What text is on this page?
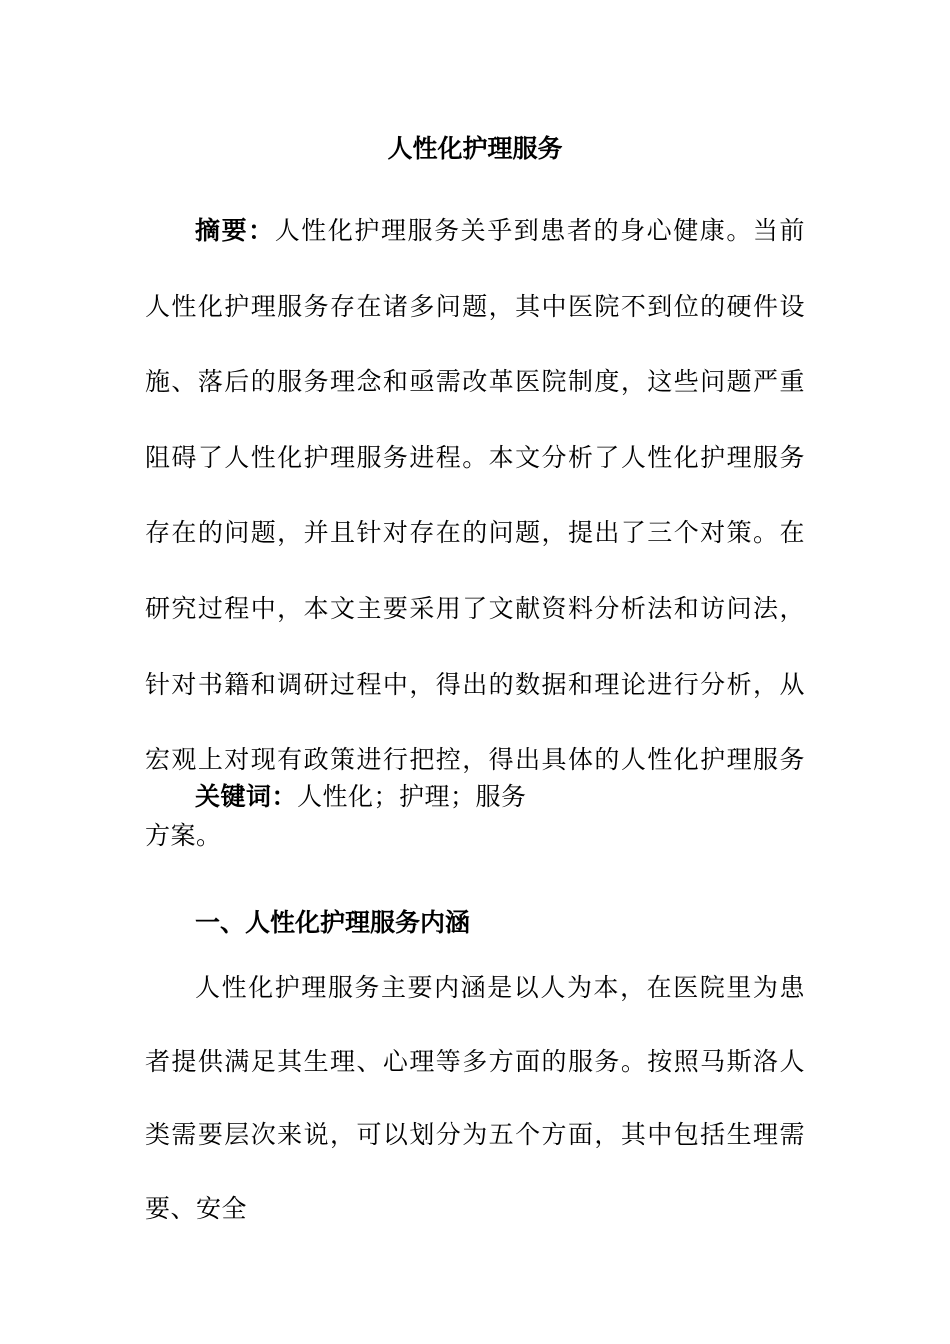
人性化护理服务

摘要：人性化护理服务关乎到患者的身心健康。当前人性化护理服务存在诸多问题，其中医院不到位的硬件设施、落后的服务理念和亟需改革医院制度，这些问题严重阻碍了人性化护理服务进程。本文分析了人性化护理服务存在的问题，并且针对存在的问题，提出了三个对策。在研究过程中，本文主要采用了文献资料分析法和访问法，针对书籍和调研过程中，得出的数据和理论进行分析，从宏观上对现有政策进行把控，得出具体的人性化护理服务方案。

关键词：人性化；护理；服务
一、人性化护理服务内涵

人性化护理服务主要内涵是以人为本，在医院里为患者提供满足其生理、心理等多方面的服务。按照马斯洛人类需要层次来说，可以划分为五个方面，其中包括生理需要、安全
